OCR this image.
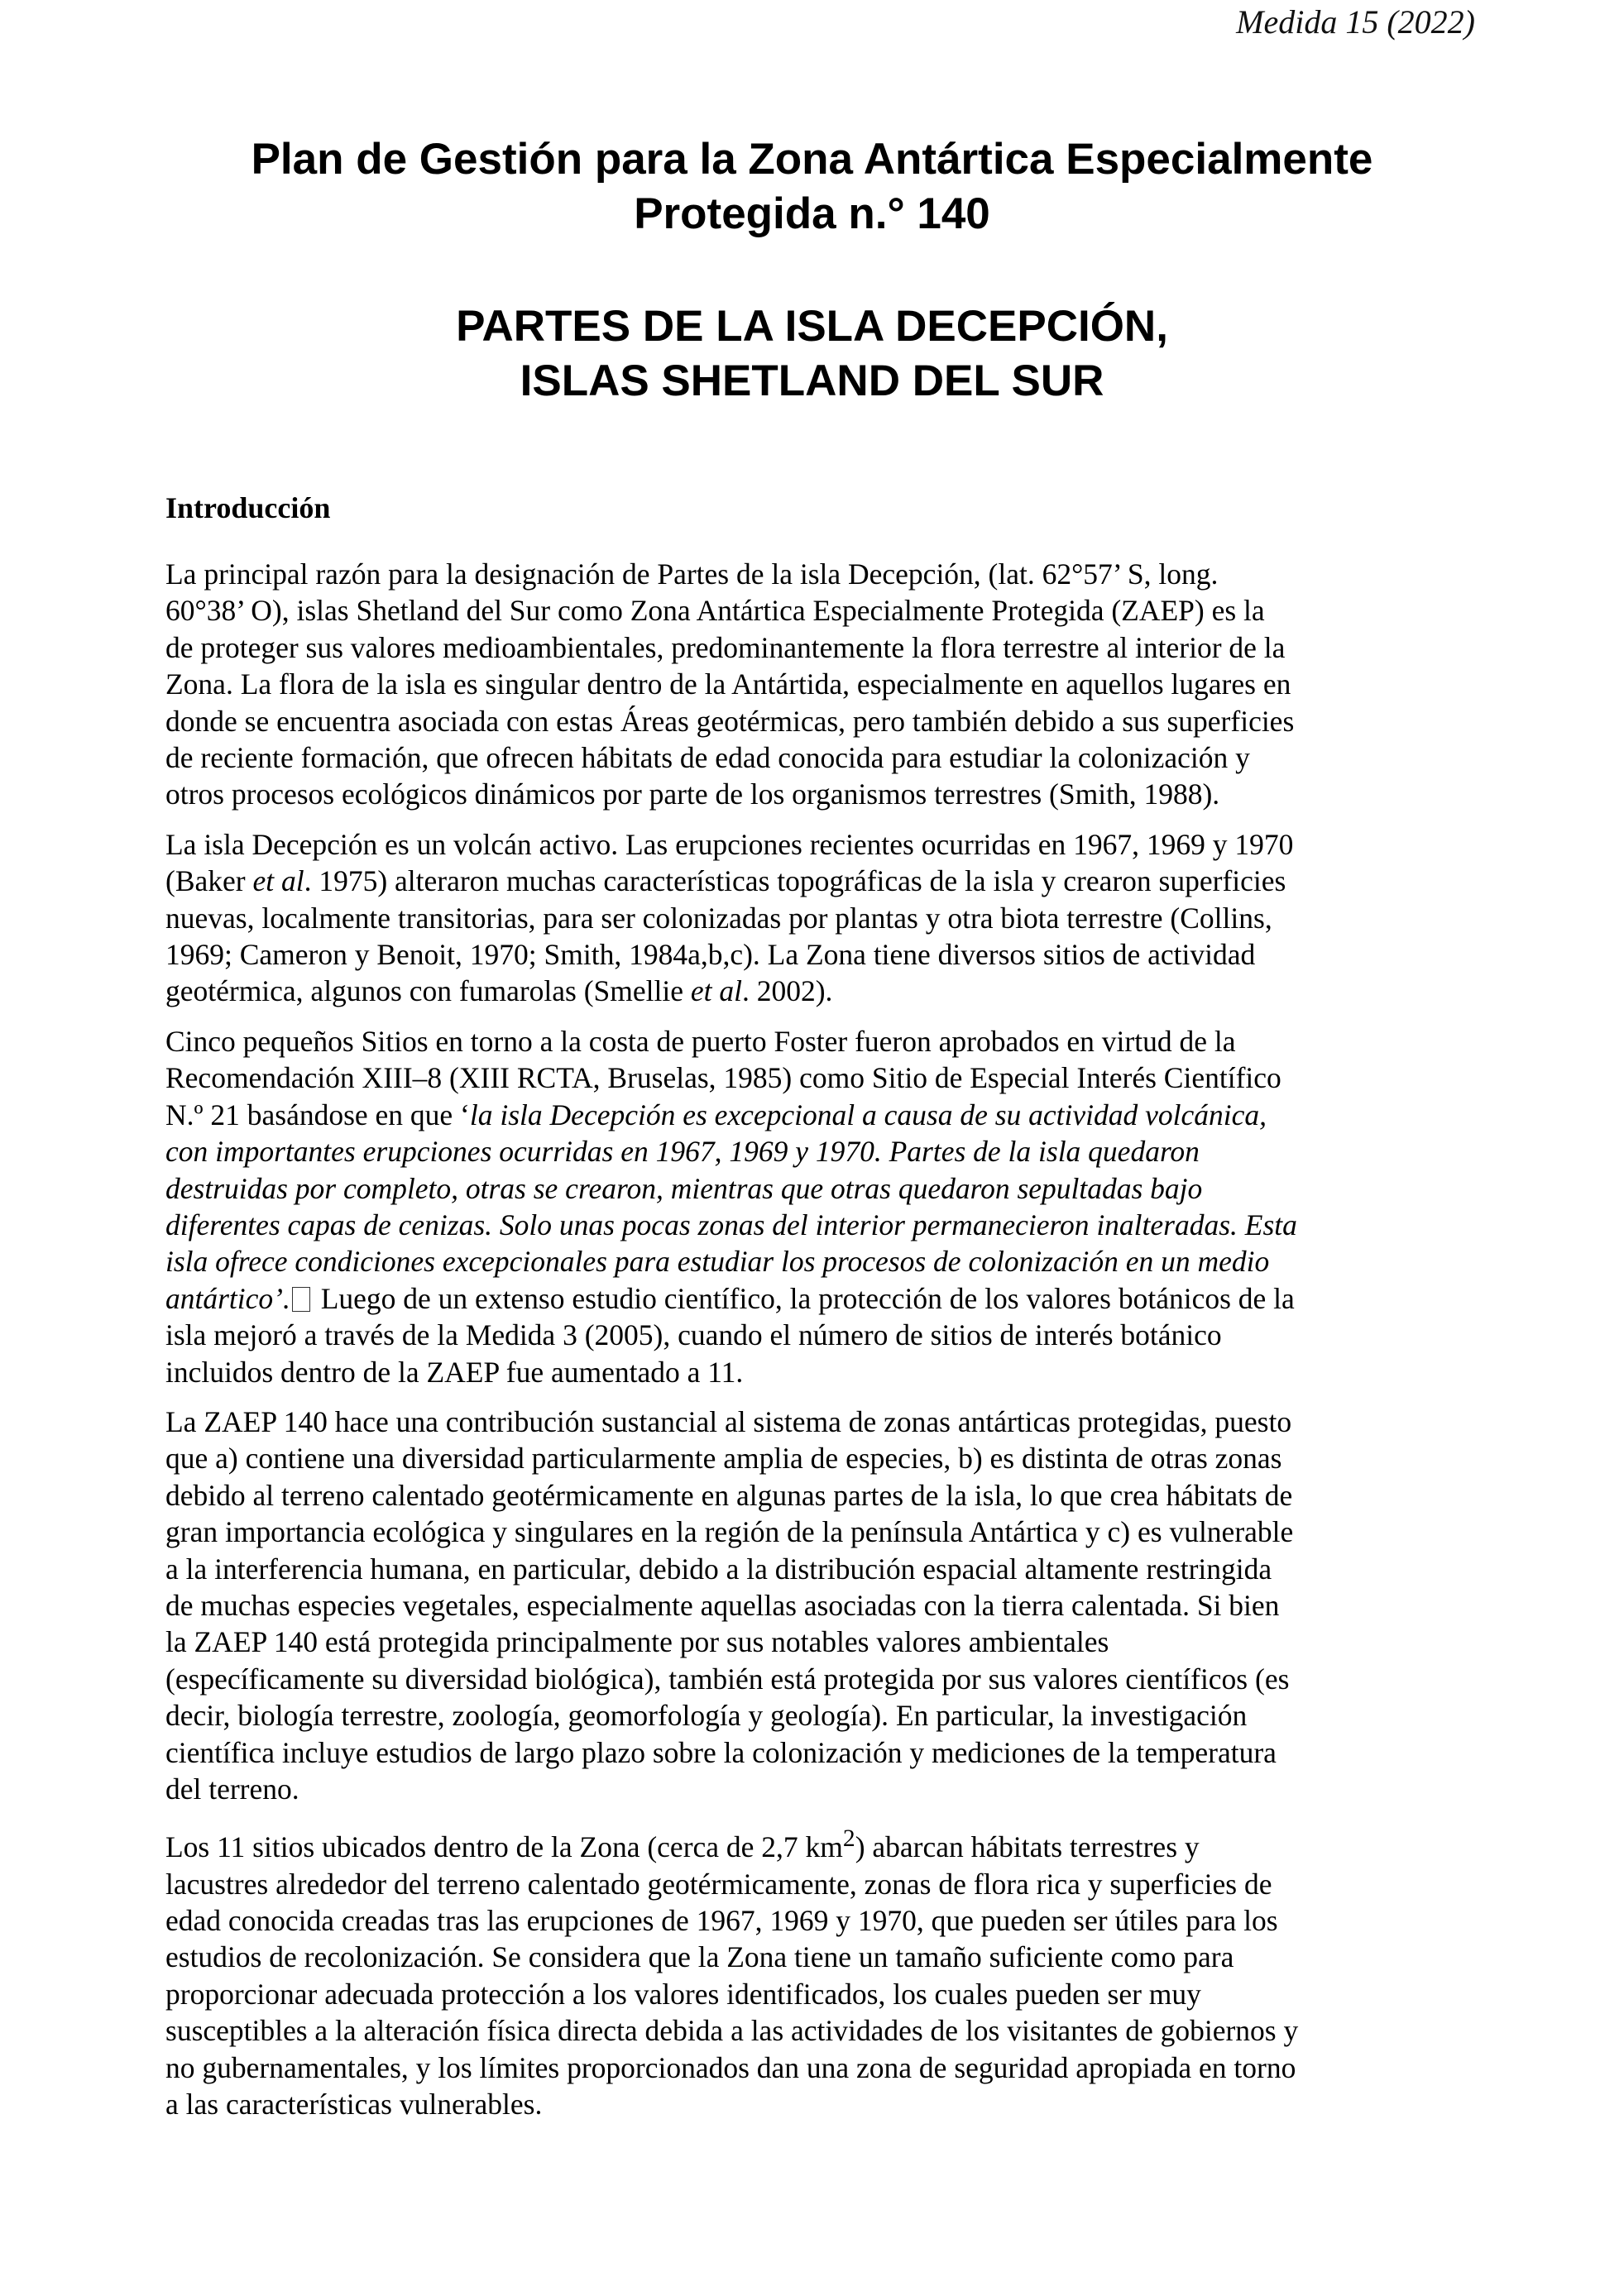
Medida 15 (2022)

Plan de Gestión para la Zona Antártica Especialmente
Protegida n.° 140
PARTES DE LA ISLA DECEPCIÓN,
ISLAS SHETLAND DEL SUR
Introducción

La principal razón para la designación de Partes de la isla Decepción, (lat. 62°57’ S, long.
60°38’ O), islas Shetland del Sur como Zona Antártica Especialmente Protegida (ZAEP) es la
de proteger sus valores medioambientales, predominantemente la flora terrestre al interior de la
Zona. La flora de la isla es singular dentro de la Antártida, especialmente en aquellos lugares en
donde se encuentra asociada con estas Áreas geotérmicas, pero también debido a sus superficies
de reciente formación, que ofrecen hábitats de edad conocida para estudiar la colonización y
otros procesos ecológicos dinámicos por parte de los organismos terrestres (Smith, 1988).

La isla Decepción es un volcán activo. Las erupciones recientes ocurridas en 1967, 1969 y 1970
(Baker et al. 1975) alteraron muchas características topográficas de la isla y crearon superficies
nuevas, localmente transitorias, para ser colonizadas por plantas y otra biota terrestre (Collins,
1969; Cameron y Benoit, 1970; Smith, 1984a,b,c). La Zona tiene diversos sitios de actividad
geotérmica, algunos con fumarolas (Smellie et al. 2002).

Cinco pequeños Sitios en torno a la costa de puerto Foster fueron aprobados en virtud de la
Recomendación XIII–8 (XIII RCTA, Bruselas, 1985) como Sitio de Especial Interés Científico
N.º 21 basándose en que ‘la isla Decepción es excepcional a causa de su actividad volcánica,
con importantes erupciones ocurridas en 1967, 1969 y 1970. Partes de la isla quedaron
destruidas por completo, otras se crearon, mientras que otras quedaron sepultadas bajo
diferentes capas de cenizas. Solo unas pocas zonas del interior permanecieron inalteradas. Esta
isla ofrece condiciones excepcionales para estudiar los procesos de colonización en un medio
antártico’. Luego de un extenso estudio científico, la protección de los valores botánicos de la
isla mejoró a través de la Medida 3 (2005), cuando el número de sitios de interés botánico
incluidos dentro de la ZAEP fue aumentado a 11.

La ZAEP 140 hace una contribución sustancial al sistema de zonas antárticas protegidas, puesto
que a) contiene una diversidad particularmente amplia de especies, b) es distinta de otras zonas
debido al terreno calentado geotérmicamente en algunas partes de la isla, lo que crea hábitats de
gran importancia ecológica y singulares en la región de la península Antártica y c) es vulnerable
a la interferencia humana, en particular, debido a la distribución espacial altamente restringida
de muchas especies vegetales, especialmente aquellas asociadas con la tierra calentada. Si bien
la ZAEP 140 está protegida principalmente por sus notables valores ambientales
(específicamente su diversidad biológica), también está protegida por sus valores científicos (es
decir, biología terrestre, zoología, geomorfología y geología). En particular, la investigación
científica incluye estudios de largo plazo sobre la colonización y mediciones de la temperatura
del terreno.

Los 11 sitios ubicados dentro de la Zona (cerca de 2,7 $km^2$) abarcan hábitats terrestres y
lacustres alrededor del terreno calentado geotérmicamente, zonas de flora rica y superficies de
edad conocida creadas tras las erupciones de 1967, 1969 y 1970, que pueden ser útiles para los
estudios de recolonización. Se considera que la Zona tiene un tamaño suficiente como para
proporcionar adecuada protección a los valores identificados, los cuales pueden ser muy
susceptibles a la alteración física directa debida a las actividades de los visitantes de gobiernos y
no gubernamentales, y los límites proporcionados dan una zona de seguridad apropiada en torno
a las características vulnerables.
